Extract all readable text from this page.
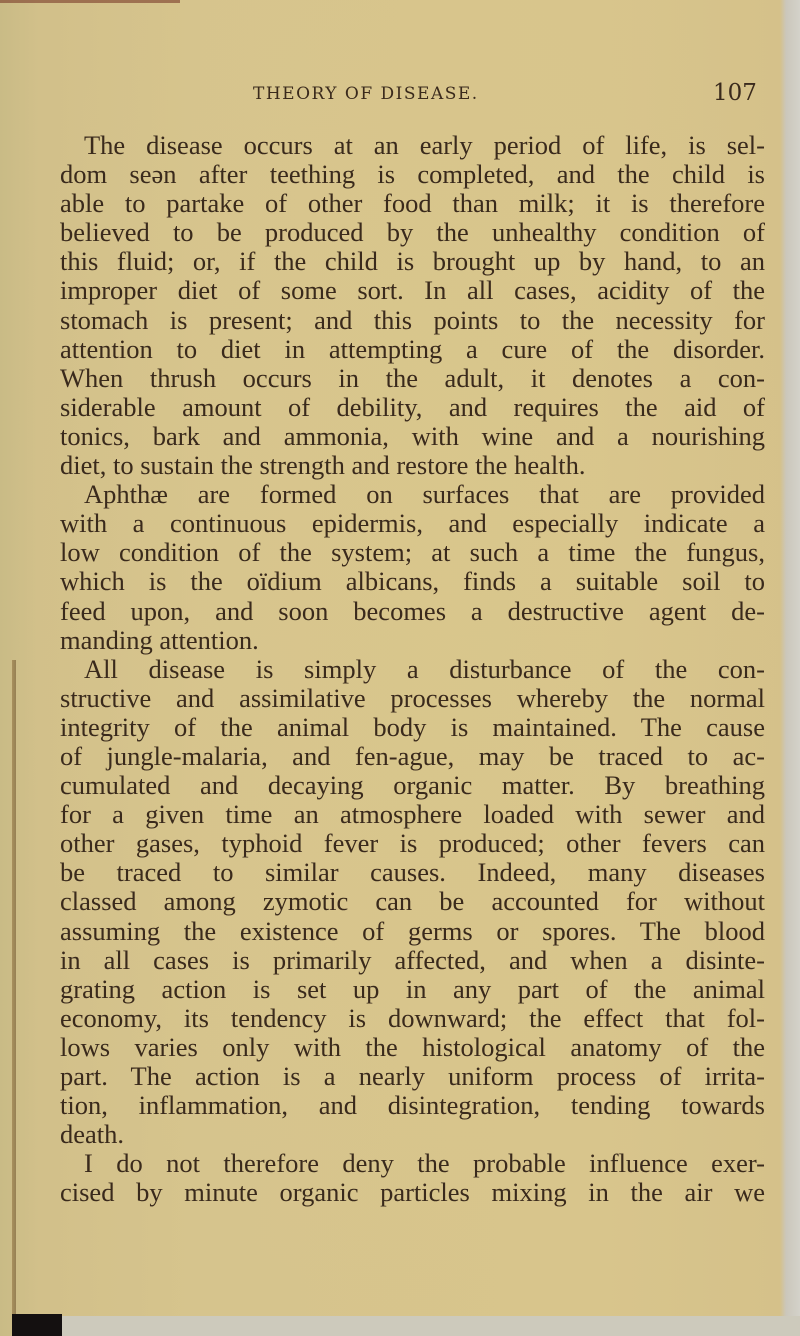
THEORY OF DISEASE.	107
The disease occurs at an early period of life, is sel-
dom seən after teething is completed, and the child is
able to partake of other food than milk; it is therefore
believed to be produced by the unhealthy condition of
this fluid; or, if the child is brought up by hand, to an
improper diet of some sort. In all cases, acidity of the
stomach is present; and this points to the necessity for
attention to diet in attempting a cure of the disorder.
When thrush occurs in the adult, it denotes a con-
siderable amount of debility, and requires the aid of
tonics, bark and ammonia, with wine and a nourishing
diet, to sustain the strength and restore the health.
Aphthæ are formed on surfaces that are provided
with a continuous epidermis, and especially indicate a
low condition of the system; at such a time the fungus,
which is the oïdium albicans, finds a suitable soil to
feed upon, and soon becomes a destructive agent de-
manding attention.
All disease is simply a disturbance of the con-
structive and assimilative processes whereby the normal
integrity of the animal body is maintained. The cause
of jungle-malaria, and fen-ague, may be traced to ac-
cumulated and decaying organic matter. By breathing
for a given time an atmosphere loaded with sewer and
other gases, typhoid fever is produced; other fevers can
be traced to similar causes. Indeed, many diseases
classed among zymotic can be accounted for without
assuming the existence of germs or spores. The blood
in all cases is primarily affected, and when a disinte-
grating action is set up in any part of the animal
economy, its tendency is downward; the effect that fol-
lows varies only with the histological anatomy of the
part. The action is a nearly uniform process of irrita-
tion, inflammation, and disintegration, tending towards
death.
I do not therefore deny the probable influence exer-
cised by minute organic particles mixing in the air we
